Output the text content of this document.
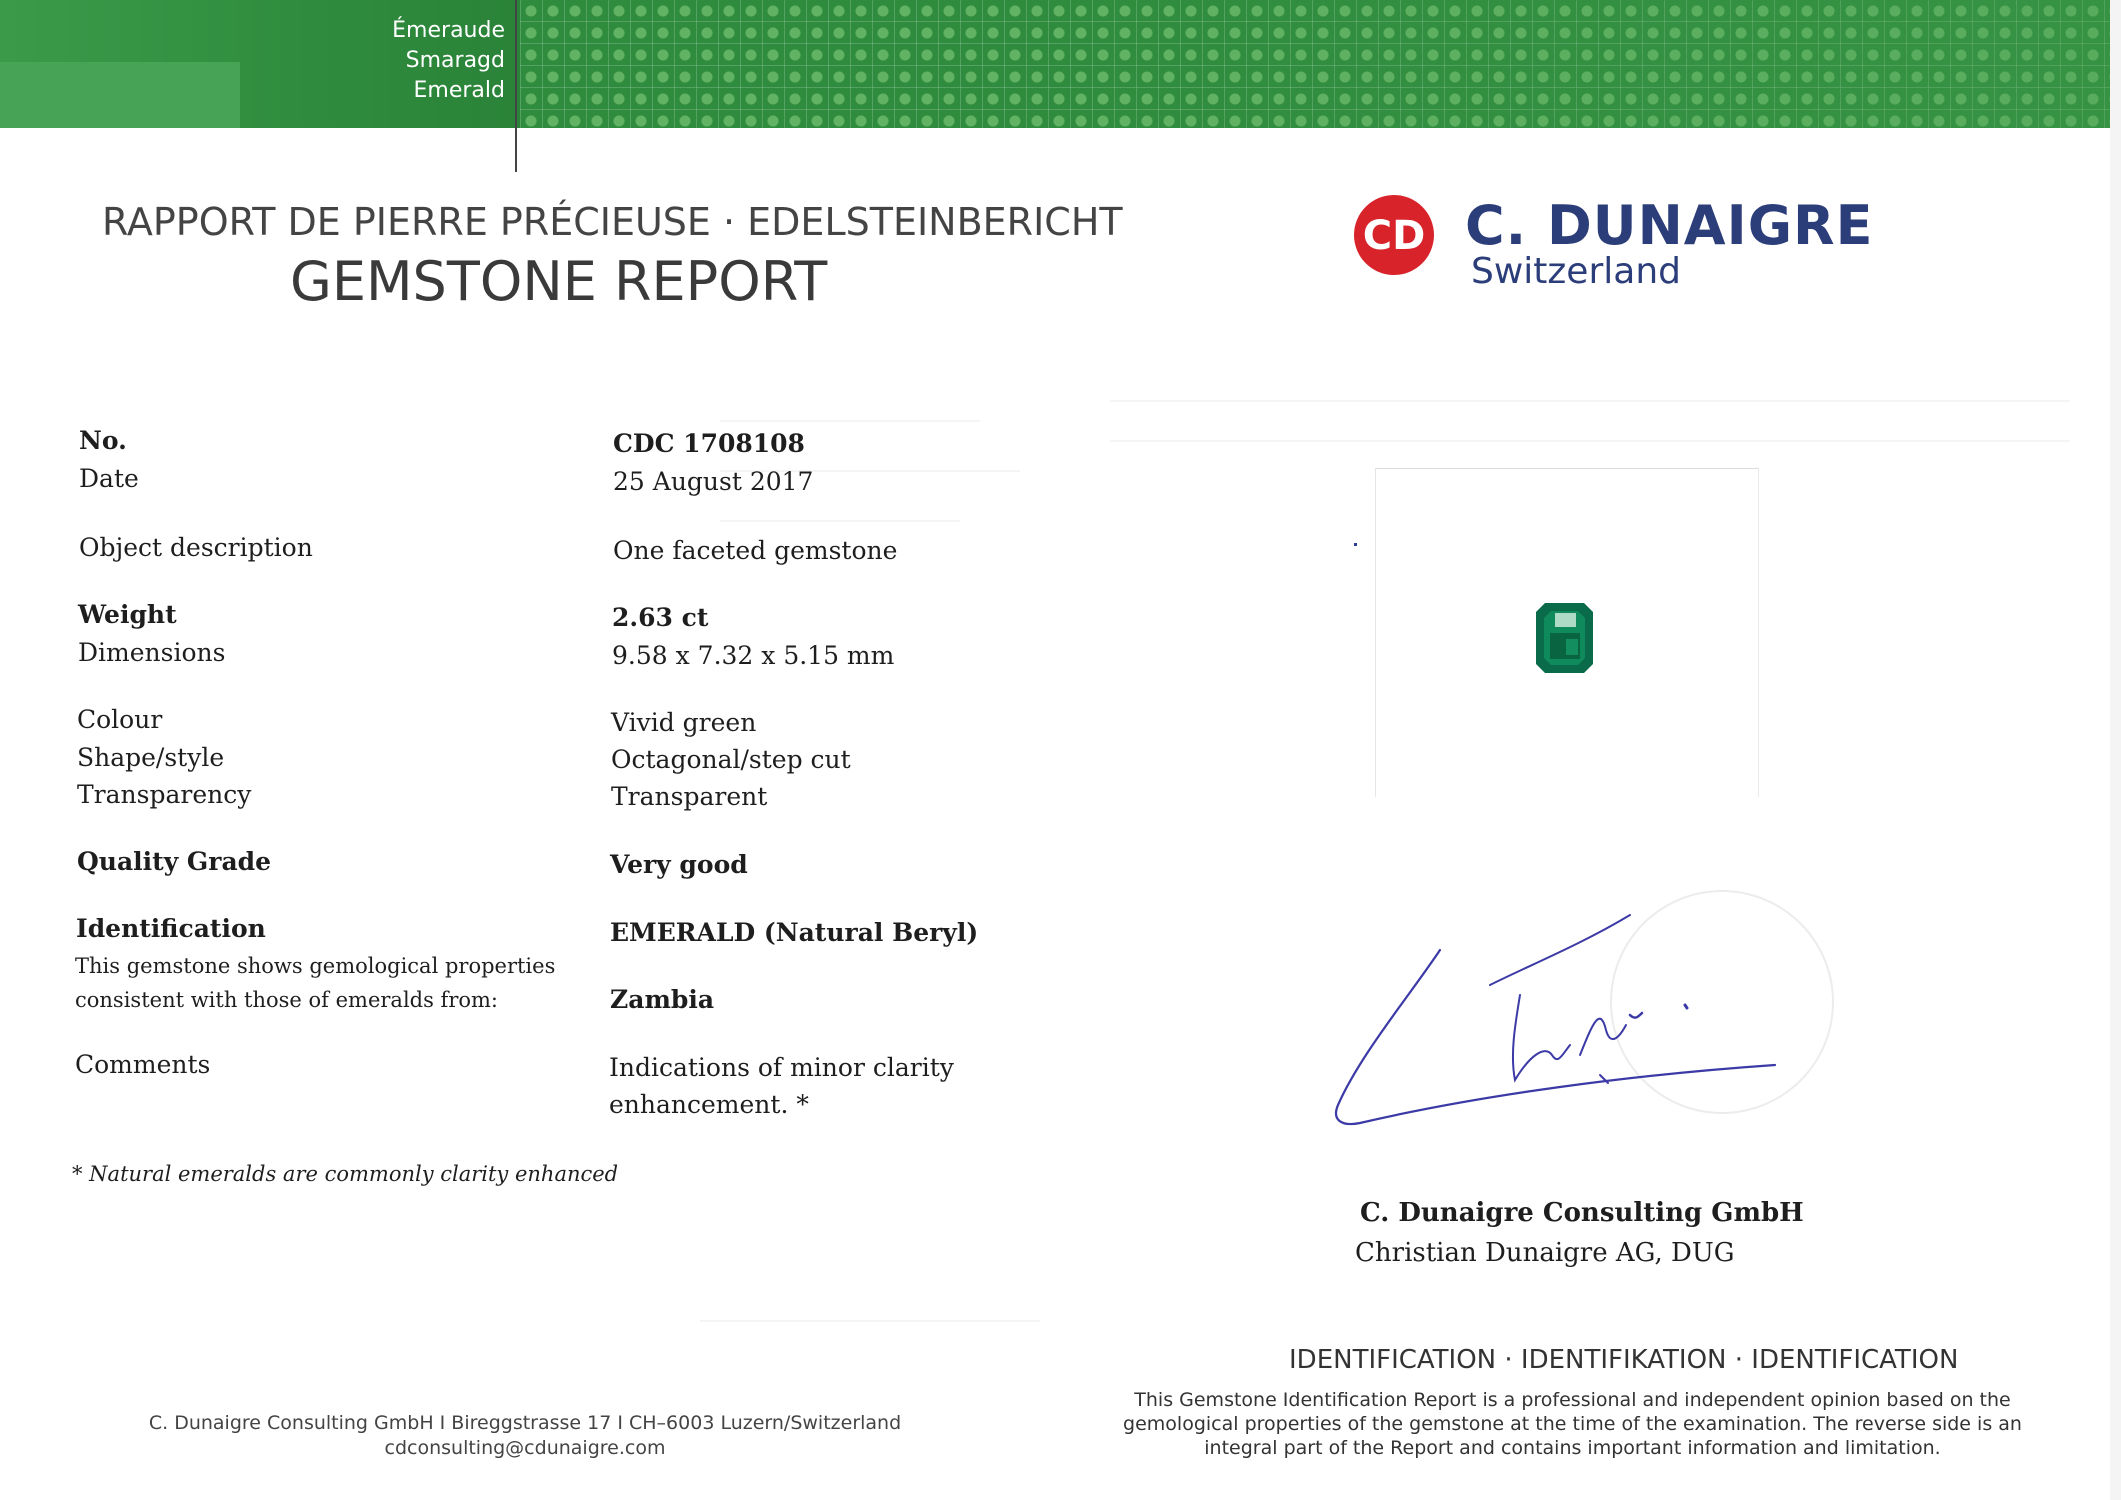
Émeraude
Smaragd
Emerald
RAPPORT DE PIERRE PRÉCIEUSE · EDELSTEINBERICHT
GEMSTONE REPORT
No.
Date
Object description
Weight
Dimensions
Colour
Shape/style
Transparency
Quality Grade
Identification
This gemstone shows gemological properties
consistent with those of emeralds from:
Comments
* Natural emeralds are commonly clarity enhanced
CDC 1708108
25 August 2017
One faceted gemstone
2.63 ct
9.58 x 7.32 x 5.15 mm
Vivid green
Octagonal/step cut
Transparent
Very good
EMERALD (Natural Beryl)
Zambia
Indications of minor clarity
enhancement. *
C. Dunaigre Consulting GmbH I Bireggstrasse 17 I CH–6003 Luzern/Switzerland
cdconsulting@cdunaigre.com
CD C. DUNAIGRE
Switzerland
C. Dunaigre Consulting GmbH
Christian Dunaigre AG, DUG
IDENTIFICATION · IDENTIFIKATION · IDENTIFICATION
This Gemstone Identification Report is a professional and independent opinion based on the gemological properties of the gemstone at the time of the examination. The reverse side is an integral part of the Report and contains important information and limitation.
